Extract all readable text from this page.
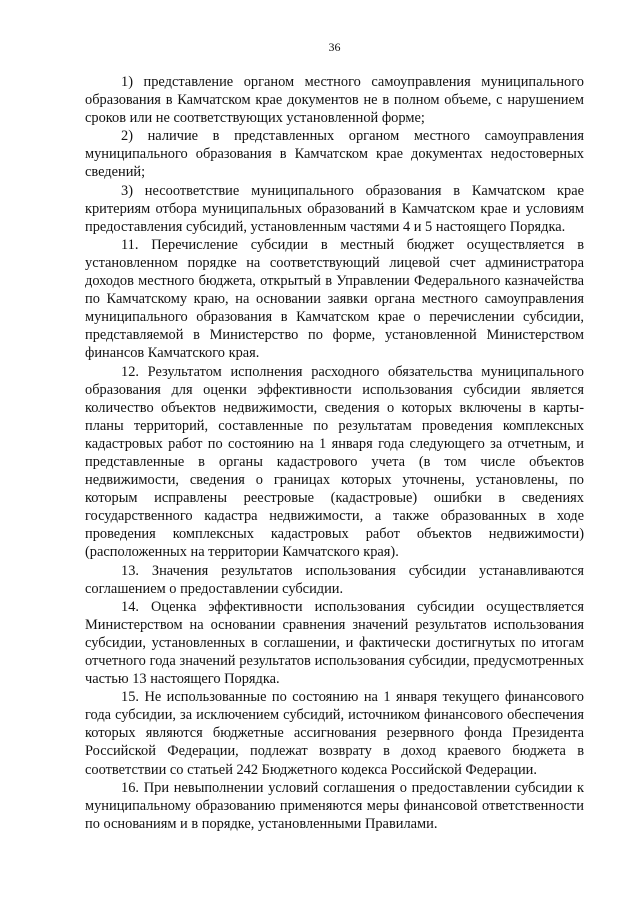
36

1) представление органом местного самоуправления муниципального образования в Камчатском крае документов не в полном объеме, с нарушением сроков или не соответствующих установленной форме;

2) наличие в представленных органом местного самоуправления муниципального образования в Камчатском крае документах недостоверных сведений;

3) несоответствие муниципального образования в Камчатском крае критериям отбора муниципальных образований в Камчатском крае и условиям предоставления субсидий, установленным частями 4 и 5 настоящего Порядка.

11. Перечисление субсидии в местный бюджет осуществляется в установленном порядке на соответствующий лицевой счет администратора доходов местного бюджета, открытый в Управлении Федерального казначейства по Камчатскому краю, на основании заявки органа местного самоуправления муниципального образования в Камчатском крае о перечислении субсидии, представляемой в Министерство по форме, установленной Министерством финансов Камчатского края.

12. Результатом исполнения расходного обязательства муниципального образования для оценки эффективности использования субсидии является количество объектов недвижимости, сведения о которых включены в карты-планы территорий, составленные по результатам проведения комплексных кадастровых работ по состоянию на 1 января года следующего за отчетным, и представленные в органы кадастрового учета (в том числе объектов недвижимости, сведения о границах которых уточнены, установлены, по которым исправлены реестровые (кадастровые) ошибки в сведениях государственного кадастра недвижимости, а также образованных в ходе проведения комплексных кадастровых работ объектов недвижимости) (расположенных на территории Камчатского края).

13. Значения результатов использования субсидии устанавливаются соглашением о предоставлении субсидии.

14. Оценка эффективности использования субсидии осуществляется Министерством на основании сравнения значений результатов использования субсидии, установленных в соглашении, и фактически достигнутых по итогам отчетного года значений результатов использования субсидии, предусмотренных частью 13 настоящего Порядка.

15. Не использованные по состоянию на 1 января текущего финансового года субсидии, за исключением субсидий, источником финансового обеспечения которых являются бюджетные ассигнования резервного фонда Президента Российской Федерации, подлежат возврату в доход краевого бюджета в соответствии со статьей 242 Бюджетного кодекса Российской Федерации.

16. При невыполнении условий соглашения о предоставлении субсидии к муниципальному образованию применяются меры финансовой ответственности по основаниям и в порядке, установленными Правилами.
